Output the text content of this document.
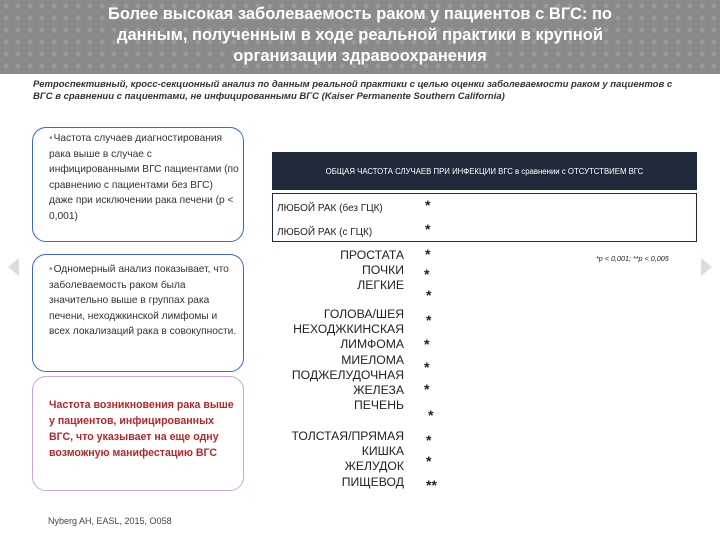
Более высокая заболеваемость раком у пациентов с ВГС: по
данным, полученным в ходе реальной практики в крупной
организации здравоохранения
Ретроспективный, кросс-секционный анализ по данным реальной практики с целью оценки заболеваемости раком у пациентов с ВГС в сравнении с пациентами, не инфицированными ВГС (Kaiser Permanente Southern California)
•Частота случаев диагностирования рака выше в случае с инфицированными ВГС пациентами (по сравнению с пациентами без ВГС) даже при исключении рака печени (р < 0,001)
•Одномерный анализ показывает, что заболеваемость раком была значительно выше в группах рака печени, неходжкинской лимфомы и всех локализаций рака в совокупности.
Частота возникновения рака выше у пациентов, инфицированных ВГС, что указывает на еще одну возможную манифестацию ВГС
Nyberg AH, EASL, 2015, O058
ОБЩАЯ ЧАСТОТА СЛУЧАЕВ ПРИ ИНФЕКЦИИ ВГС в сравнении с ОТСУТСТВИЕМ ВГС
ЛЮБОЙ РАК (без ГЦК)
ЛЮБОЙ РАК (с ГЦК)
*
*
*p < 0,001; **p < 0,005
ПРОСТАТА
ПОЧКИ
ЛЕГКИЕ
ГОЛОВА/ШЕЯ
НЕХОДЖКИНСКАЯ
ЛИМФОМА
МИЕЛОМА
ПОДЖЕЛУДОЧНАЯ
ЖЕЛЕЗА
ПЕЧЕНЬ
ТОЛСТАЯ/ПРЯМАЯ
КИШКА
ЖЕЛУДОК
ПИЩЕВОД
*
*
*
*
*
*
*
*
*
*
**
